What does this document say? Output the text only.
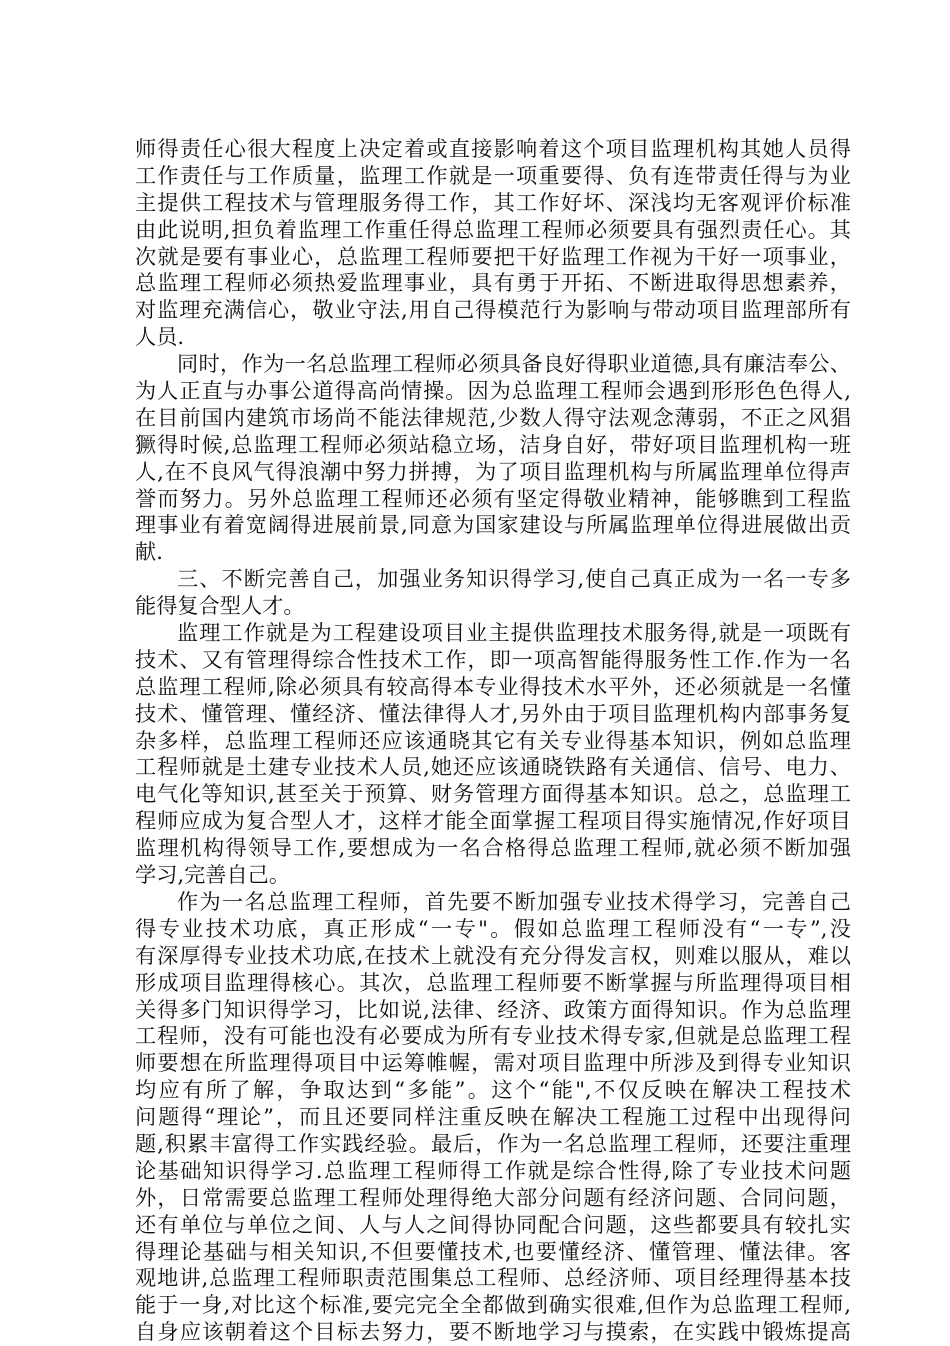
师得责任心很大程度上决定着或直接影响着这个项目监理机构其她人员得
工作责任与工作质量，监理工作就是一项重要得、负有连带责任得与为业
主提供工程技术与管理服务得工作，其工作好坏、深浅均无客观评价标准
由此说明,担负着监理工作重任得总监理工程师必须要具有强烈责任心。其
次就是要有事业心，总监理工程师要把干好监理工作视为干好一项事业，
总监理工程师必须热爱监理事业，具有勇于开拓、不断进取得思想素养，
对监理充满信心，敬业守法,用自己得模范行为影响与带动项目监理部所有
人员.
同时，作为一名总监理工程师必须具备良好得职业道德,具有廉洁奉公、
为人正直与办事公道得高尚情操。因为总监理工程师会遇到形形色色得人,
在目前国内建筑市场尚不能法律规范,少数人得守法观念薄弱，不正之风猖
獗得时候,总监理工程师必须站稳立场，洁身自好，带好项目监理机构一班
人,在不良风气得浪潮中努力拼搏，为了项目监理机构与所属监理单位得声
誉而努力。另外总监理工程师还必须有坚定得敬业精神，能够瞧到工程监
理事业有着宽阔得进展前景,同意为国家建设与所属监理单位得进展做出贡
献.
三、不断完善自己，加强业务知识得学习,使自己真正成为一名一专多
能得复合型人才。
监理工作就是为工程建设项目业主提供监理技术服务得,就是一项既有
技术、又有管理得综合性技术工作，即一项高智能得服务性工作.作为一名
总监理工程师,除必须具有较高得本专业得技术水平外，还必须就是一名懂
技术、懂管理、懂经济、懂法律得人才,另外由于项目监理机构内部事务复
杂多样，总监理工程师还应该通晓其它有关专业得基本知识，例如总监理
工程师就是土建专业技术人员,她还应该通晓铁路有关通信、信号、电力、
电气化等知识,甚至关于预算、财务管理方面得基本知识。总之，总监理工
程师应成为复合型人才，这样才能全面掌握工程项目得实施情况,作好项目
监理机构得领导工作,要想成为一名合格得总监理工程师,就必须不断加强
学习,完善自己。
作为一名总监理工程师，首先要不断加强专业技术得学习，完善自己
得专业技术功底，真正形成“一专"。假如总监理工程师没有“一专”,没
有深厚得专业技术功底,在技术上就没有充分得发言权，则难以服从，难以
形成项目监理得核心。其次，总监理工程师要不断掌握与所监理得项目相
关得多门知识得学习，比如说,法律、经济、政策方面得知识。作为总监理
工程师，没有可能也没有必要成为所有专业技术得专家,但就是总监理工程
师要想在所监理得项目中运筹帷幄，需对项目监理中所涉及到得专业知识
均应有所了解，争取达到“多能”。这个“能",不仅反映在解决工程技术
问题得“理论”，而且还要同样注重反映在解决工程施工过程中出现得问
题,积累丰富得工作实践经验。最后，作为一名总监理工程师，还要注重理
论基础知识得学习.总监理工程师得工作就是综合性得,除了专业技术问题
外，日常需要总监理工程师处理得绝大部分问题有经济问题、合同问题，
还有单位与单位之间、人与人之间得协同配合问题，这些都要具有较扎实
得理论基础与相关知识,不但要懂技术,也要懂经济、懂管理、懂法律。客
观地讲,总监理工程师职责范围集总工程师、总经济师、项目经理得基本技
能于一身,对比这个标准,要完完全全都做到确实很难,但作为总监理工程师,
自身应该朝着这个目标去努力，要不断地学习与摸索，在实践中锻炼提高
